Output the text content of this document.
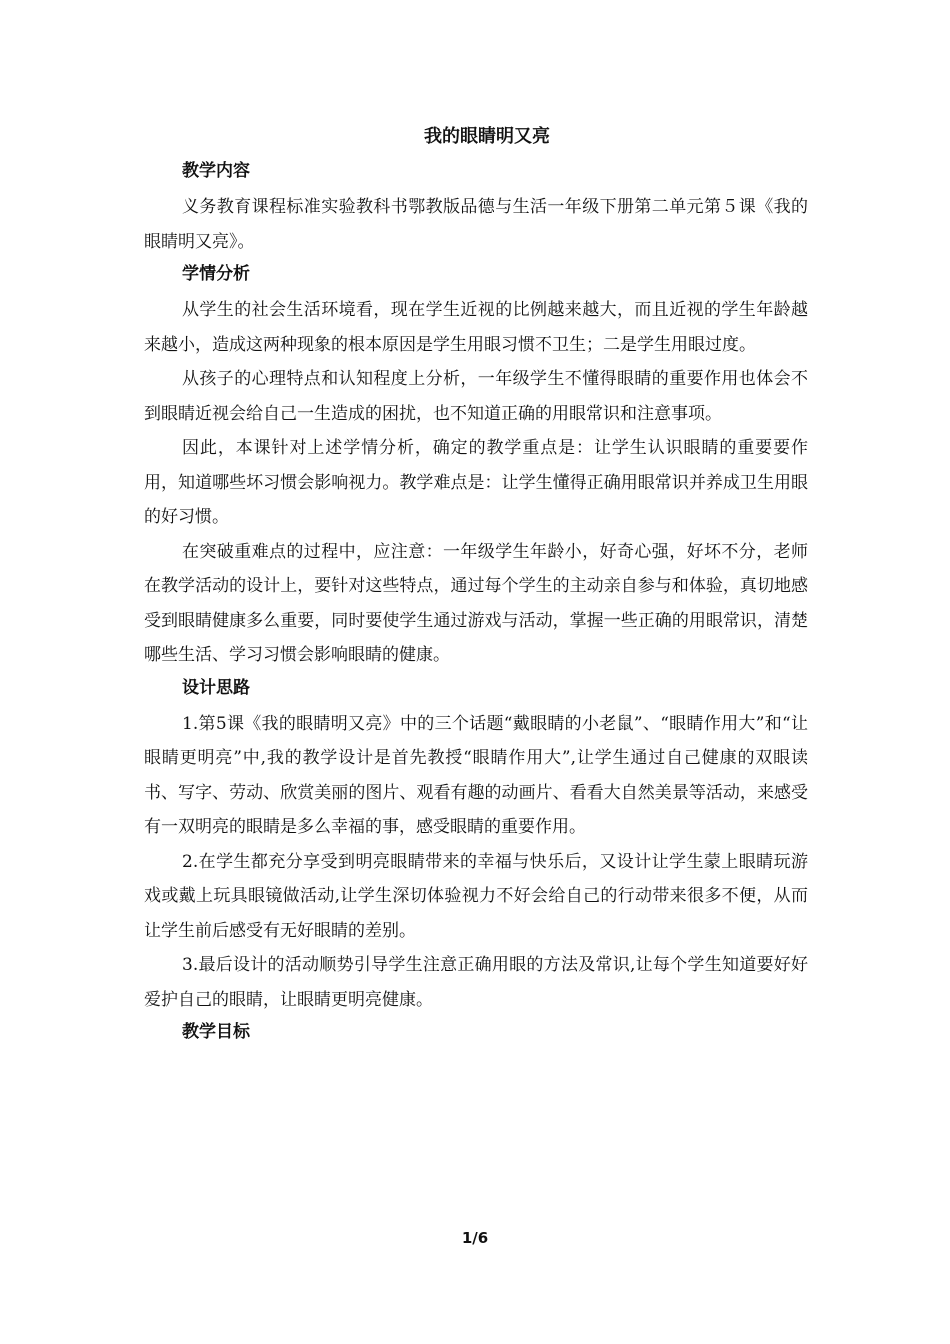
我的眼睛明又亮
教学内容

义务教育课程标准实验教科书鄂教版品德与生活一年级下册第二单元第５课《我的眼睛明又亮》。

学情分析

从学生的社会生活环境看，现在学生近视的比例越来越大，而且近视的学生年龄越来越小，造成这两种现象的根本原因是学生用眼习惯不卫生；二是学生用眼过度。

从孩子的心理特点和认知程度上分析，一年级学生不懂得眼睛的重要作用也体会不到眼睛近视会给自己一生造成的困扰，也不知道正确的用眼常识和注意事项。

因此，本课针对上述学情分析，确定的教学重点是：让学生认识眼睛的重要要作用，知道哪些坏习惯会影响视力。教学难点是：让学生懂得正确用眼常识并养成卫生用眼的好习惯。

在突破重难点的过程中，应注意：一年级学生年龄小，好奇心强，好坏不分，老师在教学活动的设计上，要针对这些特点，通过每个学生的主动亲自参与和体验，真切地感受到眼睛健康多么重要，同时要使学生通过游戏与活动，掌握一些正确的用眼常识，清楚哪些生活、学习习惯会影响眼睛的健康。

设计思路

1.第5课《我的眼睛明又亮》中的三个话题“戴眼睛的小老鼠”、“眼睛作用大”和“让眼睛更明亮”中,我的教学设计是首先教授“眼睛作用大”,让学生通过自己健康的双眼读书、写字、劳动、欣赏美丽的图片、观看有趣的动画片、看看大自然美景等活动，来感受有一双明亮的眼睛是多么幸福的事，感受眼睛的重要作用。

2.在学生都充分享受到明亮眼睛带来的幸福与快乐后，又设计让学生蒙上眼睛玩游戏或戴上玩具眼镜做活动,让学生深切体验视力不好会给自己的行动带来很多不便，从而让学生前后感受有无好眼睛的差别。

3.最后设计的活动顺势引导学生注意正确用眼的方法及常识,让每个学生知道要好好爱护自己的眼睛，让眼睛更明亮健康。

教学目标
1/6
